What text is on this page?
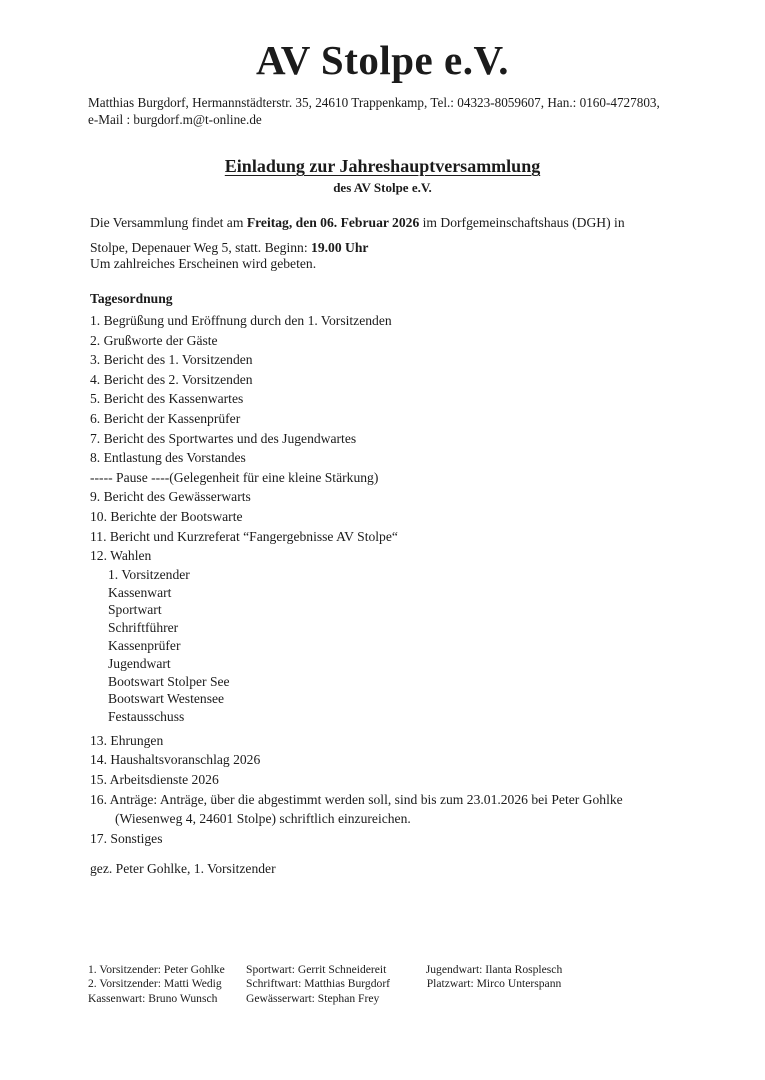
AV Stolpe e.V.
Matthias Burgdorf, Hermannstädterstr. 35, 24610 Trappenkamp, Tel.: 04323-8059607, Han.: 0160-4727803,
e-Mail : burgdorf.m@t-online.de
Einladung zur Jahreshauptversammlung
des AV Stolpe e.V.
Die Versammlung findet am Freitag, den 06. Februar 2026 im Dorfgemeinschaftshaus (DGH) in
Stolpe, Depenauer Weg 5, statt. Beginn: 19.00 Uhr
Um zahlreiches Erscheinen wird gebeten.
Tagesordnung
1. Begrüßung und Eröffnung durch den 1. Vorsitzenden
2. Grußworte der Gäste
3. Bericht des 1. Vorsitzenden
4. Bericht des 2. Vorsitzenden
5. Bericht des Kassenwartes
6. Bericht der Kassenprüfer
7. Bericht des Sportwartes und des Jugendwartes
8. Entlastung des Vorstandes
----- Pause ----(Gelegenheit für eine kleine Stärkung)
9. Bericht des Gewässerwarts
10. Berichte der Bootswarte
11. Bericht und Kurzreferat “Fangergebnisse AV Stolpe“
12. Wahlen
1. Vorsitzender
Kassenwart
Sportwart
Schriftführer
Kassenprüfer
Jugendwart
Bootswart Stolper See
Bootswart Westensee
Festausschuss
13. Ehrungen
14. Haushaltsvoranschlag 2026
15. Arbeitsdienste 2026
16. Anträge: Anträge, über die abgestimmt werden soll, sind bis zum 23.01.2026 bei Peter Gohlke
(Wiesenweg 4, 24601 Stolpe) schriftlich einzureichen.
17. Sonstiges
gez. Peter Gohlke, 1. Vorsitzender
1. Vorsitzender: Peter Gohlke
2. Vorsitzender: Matti Wedig
Kassenwart: Bruno Wunsch
Sportwart: Gerrit Schneidereit
Schriftwart: Matthias Burgdorf
Gewässerwart: Stephan Frey
Jugendwart: Ilanta Rosplesch
Platzwart: Mirco Unterspann
